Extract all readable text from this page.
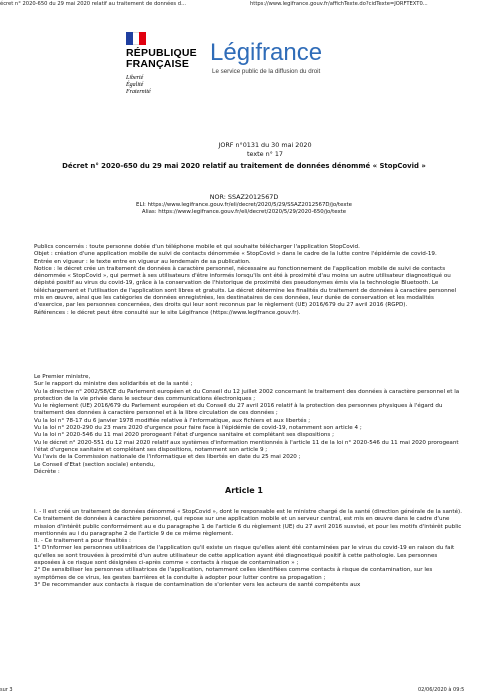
écret n° 2020-650 du 29 mai 2020 relatif au traitement de données d...	https://www.legifrance.gouv.fr/affichTexte.do?cidTexte=JORFTEXT0...
RÉPUBLIQUE
FRANÇAISE
Liberté
Égalité
Fraternité
Légifrance
Le service public de la diffusion du droit
JORF n°0131 du 30 mai 2020
texte n° 17
Décret n° 2020-650 du 29 mai 2020 relatif au traitement de données dénommé « StopCovid »
NOR: SSAZ2012567D
ELI: https://www.legifrance.gouv.fr/eli/decret/2020/5/29/SSAZ2012567D/jo/texte
Alias: https://www.legifrance.gouv.fr/eli/decret/2020/5/29/2020-650/jo/texte

Publics concernés : toute personne dotée d'un téléphone mobile et qui souhaite télécharger l'application StopCovid.

Objet : création d'une application mobile de suivi de contacts dénommée « StopCovid » dans le cadre de la lutte contre l'épidémie de covid-19.

Entrée en vigueur : le texte entre en vigueur au lendemain de sa publication.

Notice : le décret crée un traitement de données à caractère personnel, nécessaire au fonctionnement de l'application mobile de suivi de contacts dénommée « StopCovid », qui permet à ses utilisateurs d'être informés lorsqu'ils ont été à proximité d'au moins un autre utilisateur diagnostiqué ou dépisté positif au virus du covid-19, grâce à la conservation de l'historique de proximité des pseudonymes émis via la technologie Bluetooth. Le téléchargement et l'utilisation de l'application sont libres et gratuits. Le décret détermine les finalités du traitement de données à caractère personnel mis en œuvre, ainsi que les catégories de données enregistrées, les destinataires de ces données, leur durée de conservation et les modalités d'exercice, par les personnes concernées, des droits qui leur sont reconnus par le règlement (UE) 2016/679 du 27 avril 2016 (RGPD).

Références : le décret peut être consulté sur le site Légifrance (https://www.legifrance.gouv.fr).

Le Premier ministre,

Sur le rapport du ministre des solidarités et de la santé ;

Vu la directive n° 2002/58/CE du Parlement européen et du Conseil du 12 juillet 2002 concernant le traitement des données à caractère personnel et la protection de la vie privée dans le secteur des communications électroniques ;

Vu le règlement (UE) 2016/679 du Parlement européen et du Conseil du 27 avril 2016 relatif à la protection des personnes physiques à l'égard du traitement des données à caractère personnel et à la libre circulation de ces données ;

Vu la loi n° 78-17 du 6 janvier 1978 modifiée relative à l'informatique, aux fichiers et aux libertés ;

Vu la loi n° 2020-290 du 23 mars 2020 d'urgence pour faire face à l'épidémie de covid-19, notamment son article 4 ;

Vu la loi n° 2020-546 du 11 mai 2020 prorogeant l'état d'urgence sanitaire et complétant ses dispositions ;

Vu le décret n° 2020-551 du 12 mai 2020 relatif aux systèmes d'information mentionnés à l'article 11 de la loi n° 2020-546 du 11 mai 2020 prorogeant l'état d'urgence sanitaire et complétant ses dispositions, notamment son article 9 ;

Vu l'avis de la Commission nationale de l'informatique et des libertés en date du 25 mai 2020 ;

Le Conseil d'Etat (section sociale) entendu,

Décrète :

Article 1

I. - Il est créé un traitement de données dénommé « StopCovid », dont le responsable est le ministre chargé de la santé (direction générale de la santé).

Ce traitement de données à caractère personnel, qui repose sur une application mobile et un serveur central, est mis en œuvre dans le cadre d'une mission d'intérêt public conformément au e du paragraphe 1 de l'article 6 du règlement (UE) du 27 avril 2016 susvisé, et pour les motifs d'intérêt public mentionnés au i du paragraphe 2 de l'article 9 de ce même règlement.

II. - Ce traitement a pour finalités :

1° D'informer les personnes utilisatrices de l'application qu'il existe un risque qu'elles aient été contaminées par le virus du covid-19 en raison du fait qu'elles se sont trouvées à proximité d'un autre utilisateur de cette application ayant été diagnostiqué positif à cette pathologie. Les personnes exposées à ce risque sont désignées ci-après comme « contacts à risque de contamination » ;

2° De sensibiliser les personnes utilisatrices de l'application, notamment celles identifiées comme contacts à risque de contamination, sur les symptômes de ce virus, les gestes barrières et la conduite à adopter pour lutter contre sa propagation ;

3° De recommander aux contacts à risque de contamination de s'orienter vers les acteurs de santé compétents aux

sur 3	02/06/2020 à 09:5
